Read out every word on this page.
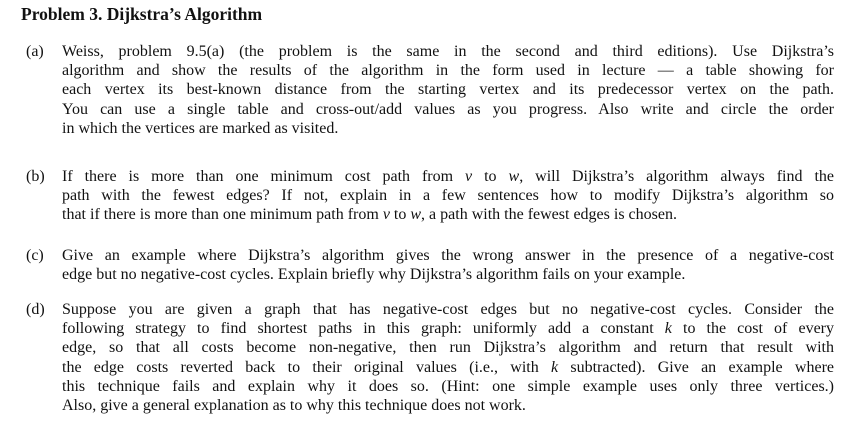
Problem 3. Dijkstra’s Algorithm
(a) Weiss, problem 9.5(a) (the problem is the same in the second and third editions). Use Dijkstra’s
algorithm and show the results of the algorithm in the form used in lecture — a table showing for
each vertex its best-known distance from the starting vertex and its predecessor vertex on the path.
You can use a single table and cross-out/add values as you progress. Also write and circle the order
in which the vertices are marked as visited.
(b) If there is more than one minimum cost path from v to w, will Dijkstra’s algorithm always find the
path with the fewest edges? If not, explain in a few sentences how to modify Dijkstra’s algorithm so
that if there is more than one minimum path from v to w, a path with the fewest edges is chosen.
(c) Give an example where Dijkstra’s algorithm gives the wrong answer in the presence of a negative-cost
edge but no negative-cost cycles. Explain briefly why Dijkstra’s algorithm fails on your example.
(d) Suppose you are given a graph that has negative-cost edges but no negative-cost cycles. Consider the
following strategy to find shortest paths in this graph: uniformly add a constant k to the cost of every
edge, so that all costs become non-negative, then run Dijkstra’s algorithm and return that result with
the edge costs reverted back to their original values (i.e., with k subtracted). Give an example where
this technique fails and explain why it does so. (Hint: one simple example uses only three vertices.)
Also, give a general explanation as to why this technique does not work.
